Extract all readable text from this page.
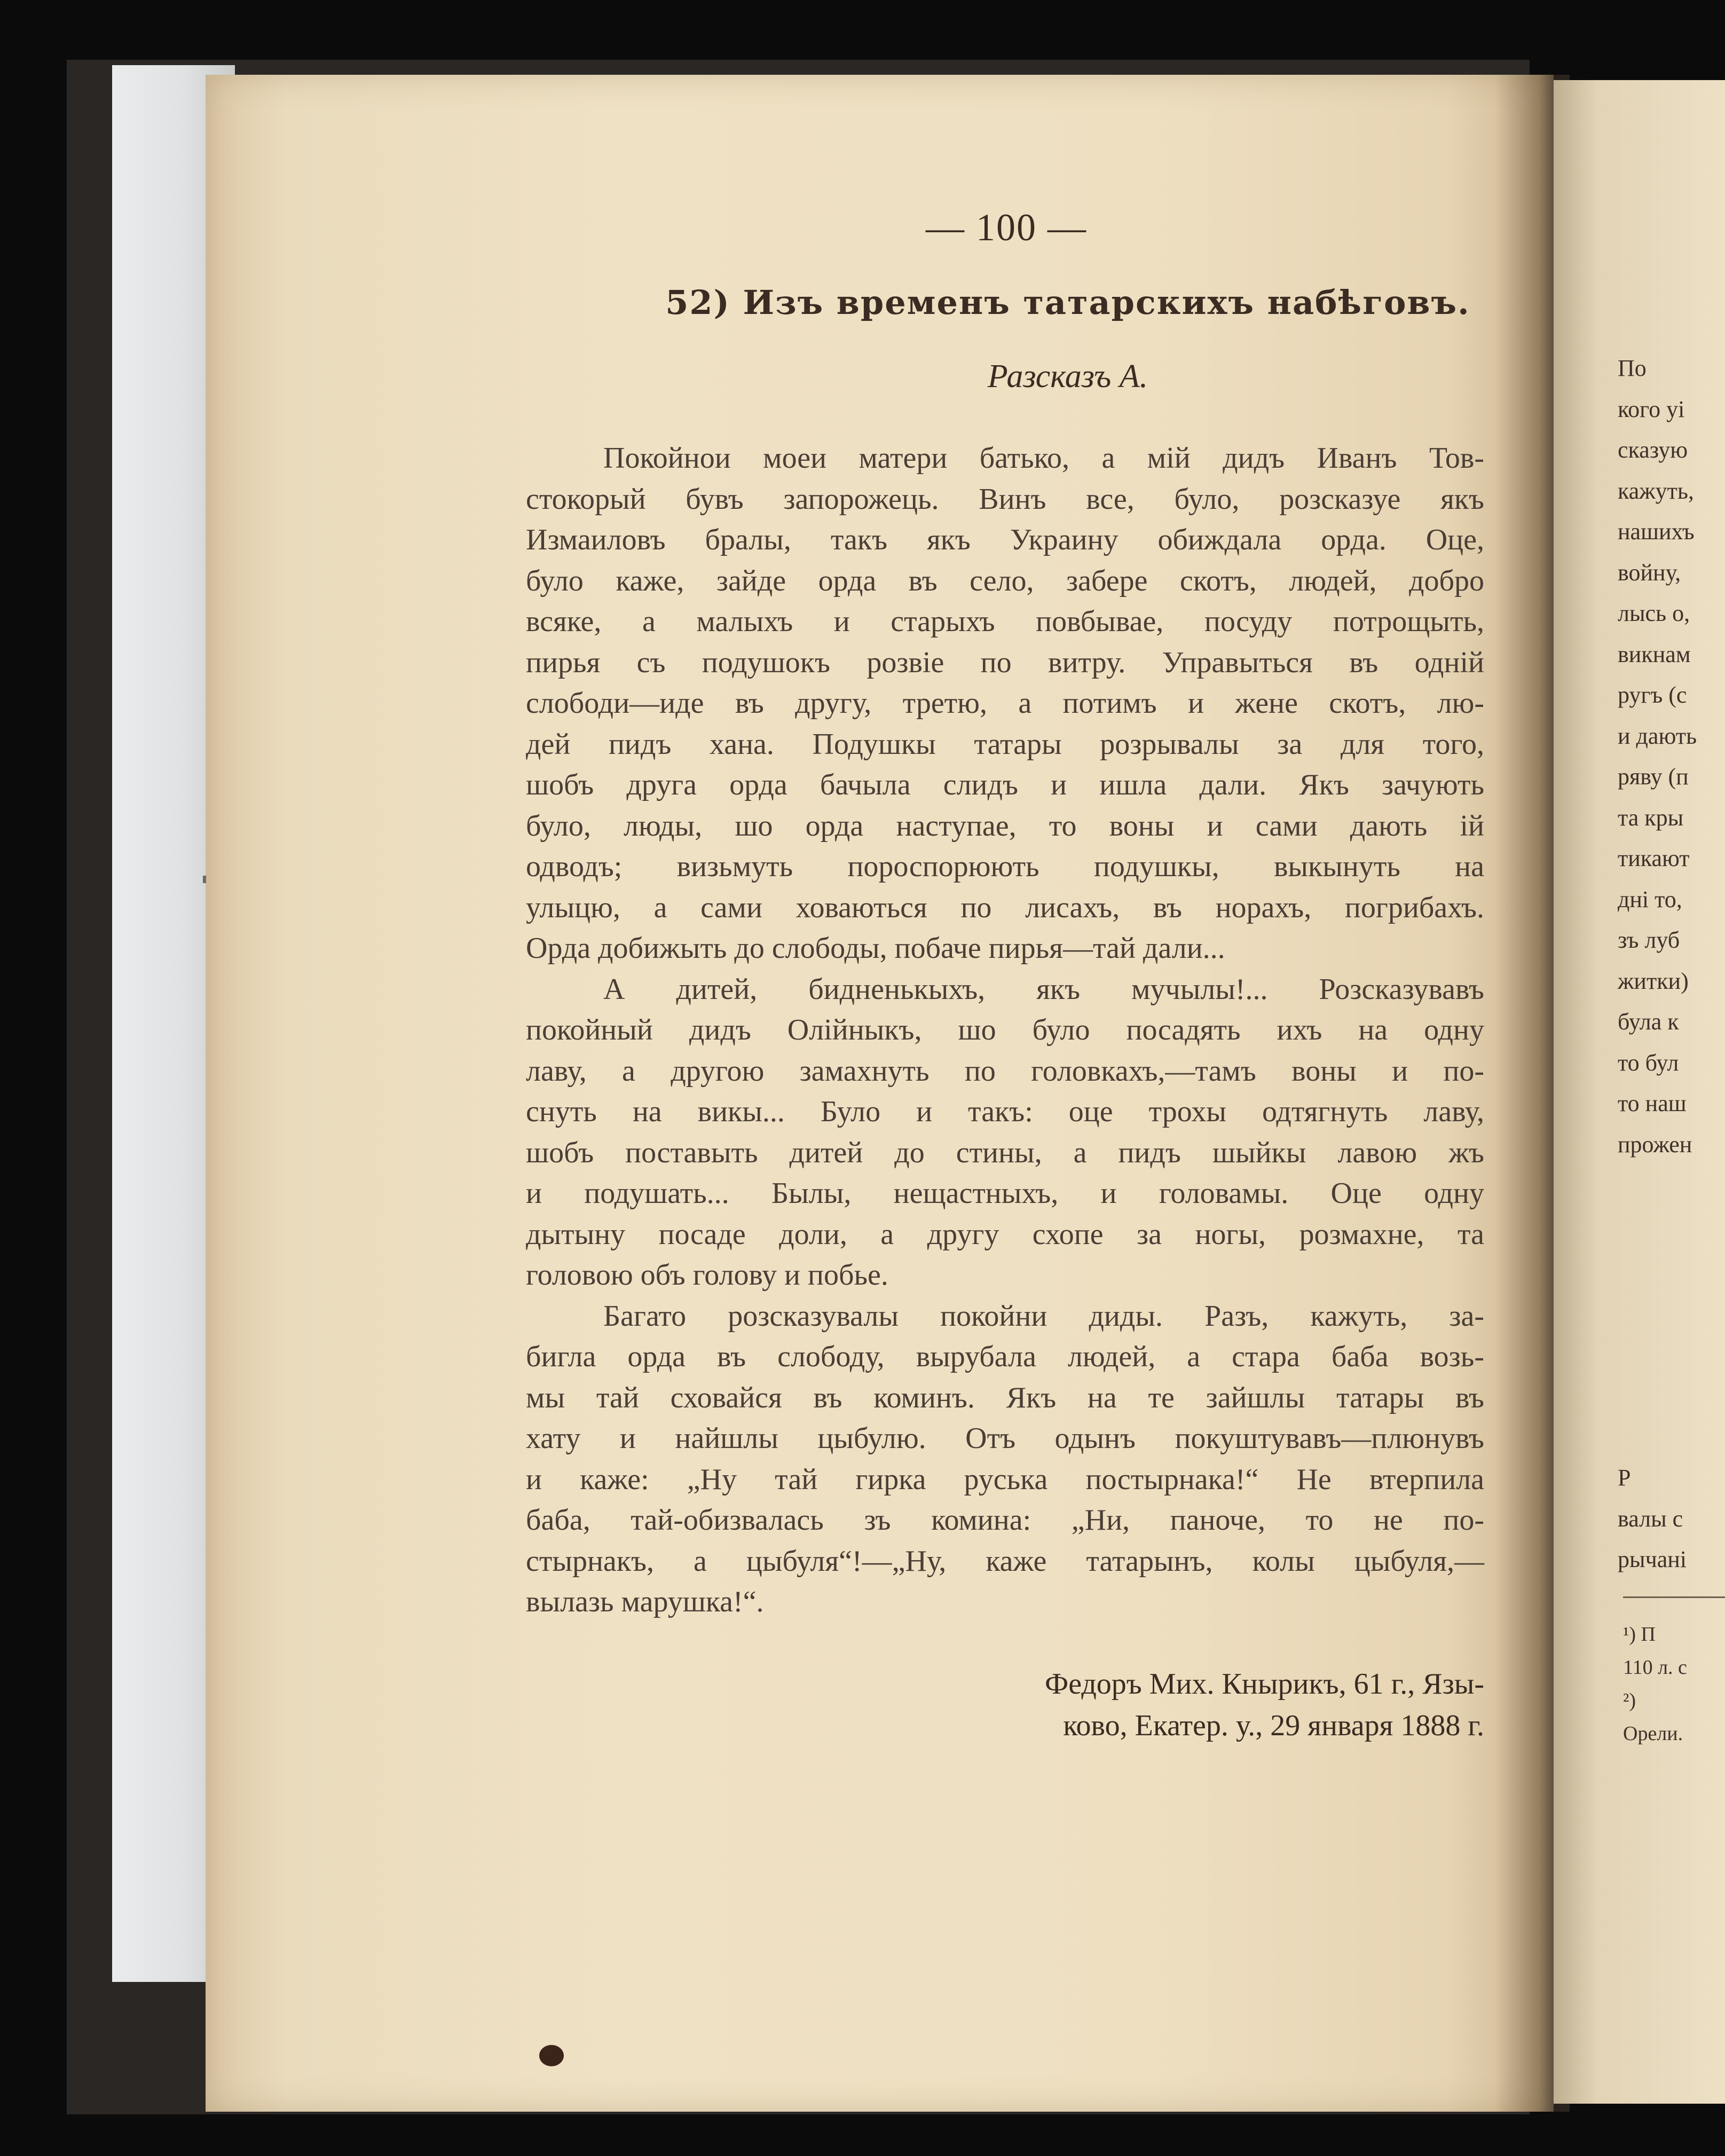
— 100 —
52) Изъ временъ татарскихъ набѣговъ.
Разсказъ А.
Покойнои моеи матери батько, а мій дидъ Иванъ Тов-
стокорый бувъ запорожець. Винъ все, було, розсказуе якъ
Измаиловъ бралы, такъ якъ Украину обиждала орда. Оце,
було каже, зайде орда въ село, заберe скотъ, людей, добро
всяке, а малыхъ и старыхъ повбывае, посуду потрощыть,
пирья съ подушокъ розвіе по витру. Управыться въ однiй
слободи—иде въ другу, третю, а потимъ и жене скотъ, лю-
дей пидъ хана. Подушкы татары розрывалы за для того,
шобъ друга орда бачыла слидъ и ишла дали. Якъ зачують
було, люды, шо орда наступае, то воны и сами дають ій
одводъ; визьмуть пороспорюють подушкы, выкынуть на
улыцю, а сами ховаються по лисахъ, въ норахъ, погрибахъ.
Орда добижыть до слободы, побаче пирья—тай дали...
А дитей, бидненькыхъ, якъ мучылы!... Розсказувавъ
покойный дидъ Олійныкъ, шо було посадять ихъ на одну
лаву, а другою замахнуть по головкахъ,—тамъ воны и по-
снуть на викы... Було и такъ: оце трохы одтягнуть лаву,
шобъ поставыть дитей до стины, а пидъ шыйкы лавою жъ
и подушать... Былы, нещастныхъ, и головамы. Оце одну
дытыну посаде доли, а другу схопе за ногы, розмахне, та
головою объ голову и побье.
Багато розсказувалы покойни диды. Разъ, кажуть, за-
бигла орда въ слободу, вырубала людей, а стара баба возь-
мы тай сховайся въ коминъ. Якъ на те зайшлы татары въ
хату и найшлы цыбулю. Отъ одынъ покуштувавъ—плюнувъ
и каже: „Ну тай гирка руська постырнака!“ Не втерпила
баба, тай-обизвалась зъ комина: „Ни, паноче, то не по-
стырнакъ, а цыбуля“!—„Ну, каже татарынъ, колы цыбуля,—
вылазь марушка!“.
Федоръ Мих. Кнырикъ, 61 г., Язы-
ково, Екатер. у., 29 января 1888 г.
По
кого уі
сказую
кажуть,
нашихъ
войну,
лысь о,
викнам
ругъ (с
и дають
ряву (п
та кры
тикают
дні то,
зъ луб
житки)
була к
то бул
то наш
прожен
Р
валы с
рычані
¹) П
110 л. с
²)
Орели.
